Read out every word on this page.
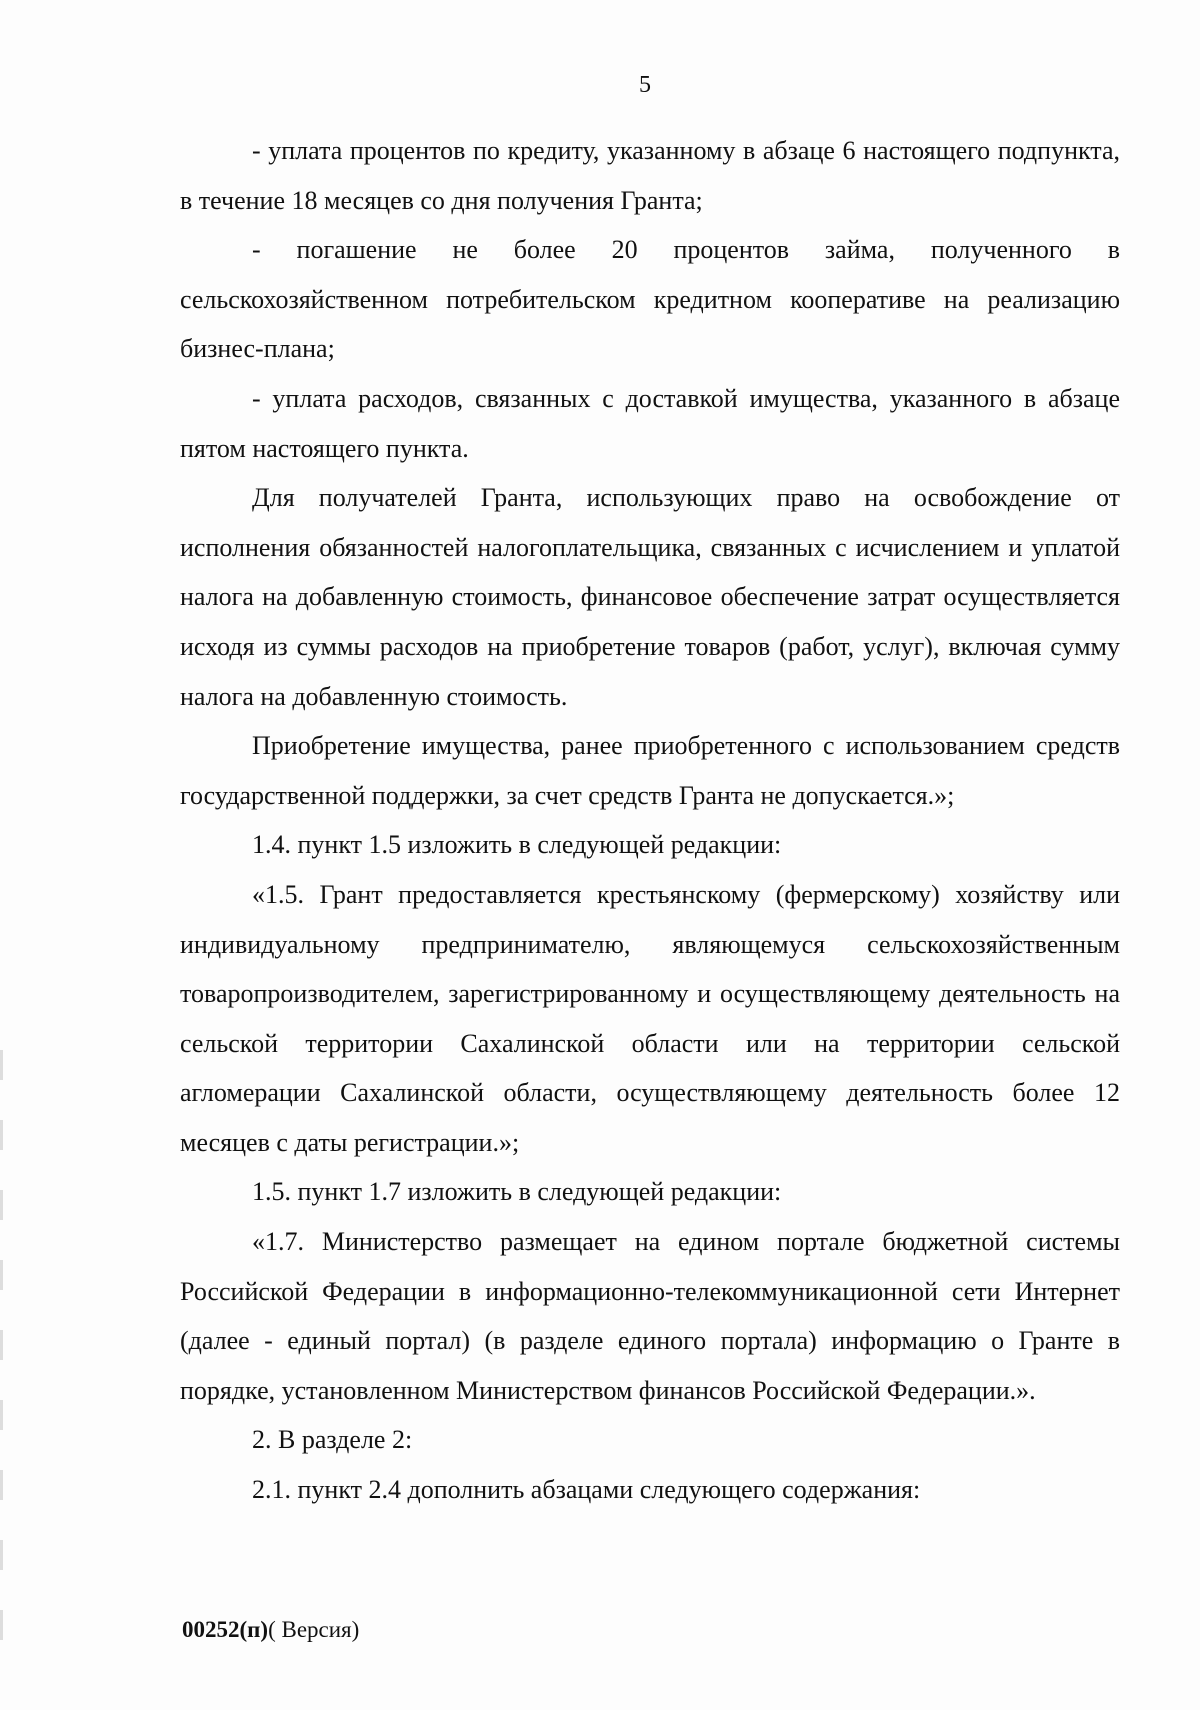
5

- уплата процентов по кредиту, указанному в абзаце 6 настоящего подпункта, в течение 18 месяцев со дня получения Гранта;

- погашение не более 20 процентов займа, полученного в сельскохозяйственном потребительском кредитном кооперативе на реализацию бизнес-плана;

- уплата расходов, связанных с доставкой имущества, указанного в абзаце пятом настоящего пункта.

Для получателей Гранта, использующих право на освобождение от исполнения обязанностей налогоплательщика, связанных с исчислением и уплатой налога на добавленную стоимость, финансовое обеспечение затрат осуществляется исходя из суммы расходов на приобретение товаров (работ, услуг), включая сумму налога на добавленную стоимость.

Приобретение имущества, ранее приобретенного с использованием средств государственной поддержки, за счет средств Гранта не допускается.»;

1.4. пункт 1.5 изложить в следующей редакции:

«1.5. Грант предоставляется крестьянскому (фермерскому) хозяйству или индивидуальному предпринимателю, являющемуся сельскохозяйственным товаропроизводителем, зарегистрированному и осуществляющему деятельность на сельской территории Сахалинской области или на территории сельской агломерации Сахалинской области, осуществляющему деятельность более 12 месяцев с даты регистрации.»;

1.5. пункт 1.7 изложить в следующей редакции:

«1.7. Министерство размещает на едином портале бюджетной системы Российской Федерации в информационно-телекоммуникационной сети Интернет (далее - единый портал) (в разделе единого портала) информацию о Гранте в порядке, установленном Министерством финансов Российской Федерации.».

2. В разделе 2:

2.1. пункт 2.4 дополнить абзацами следующего содержания:

00252(п)( Версия)
